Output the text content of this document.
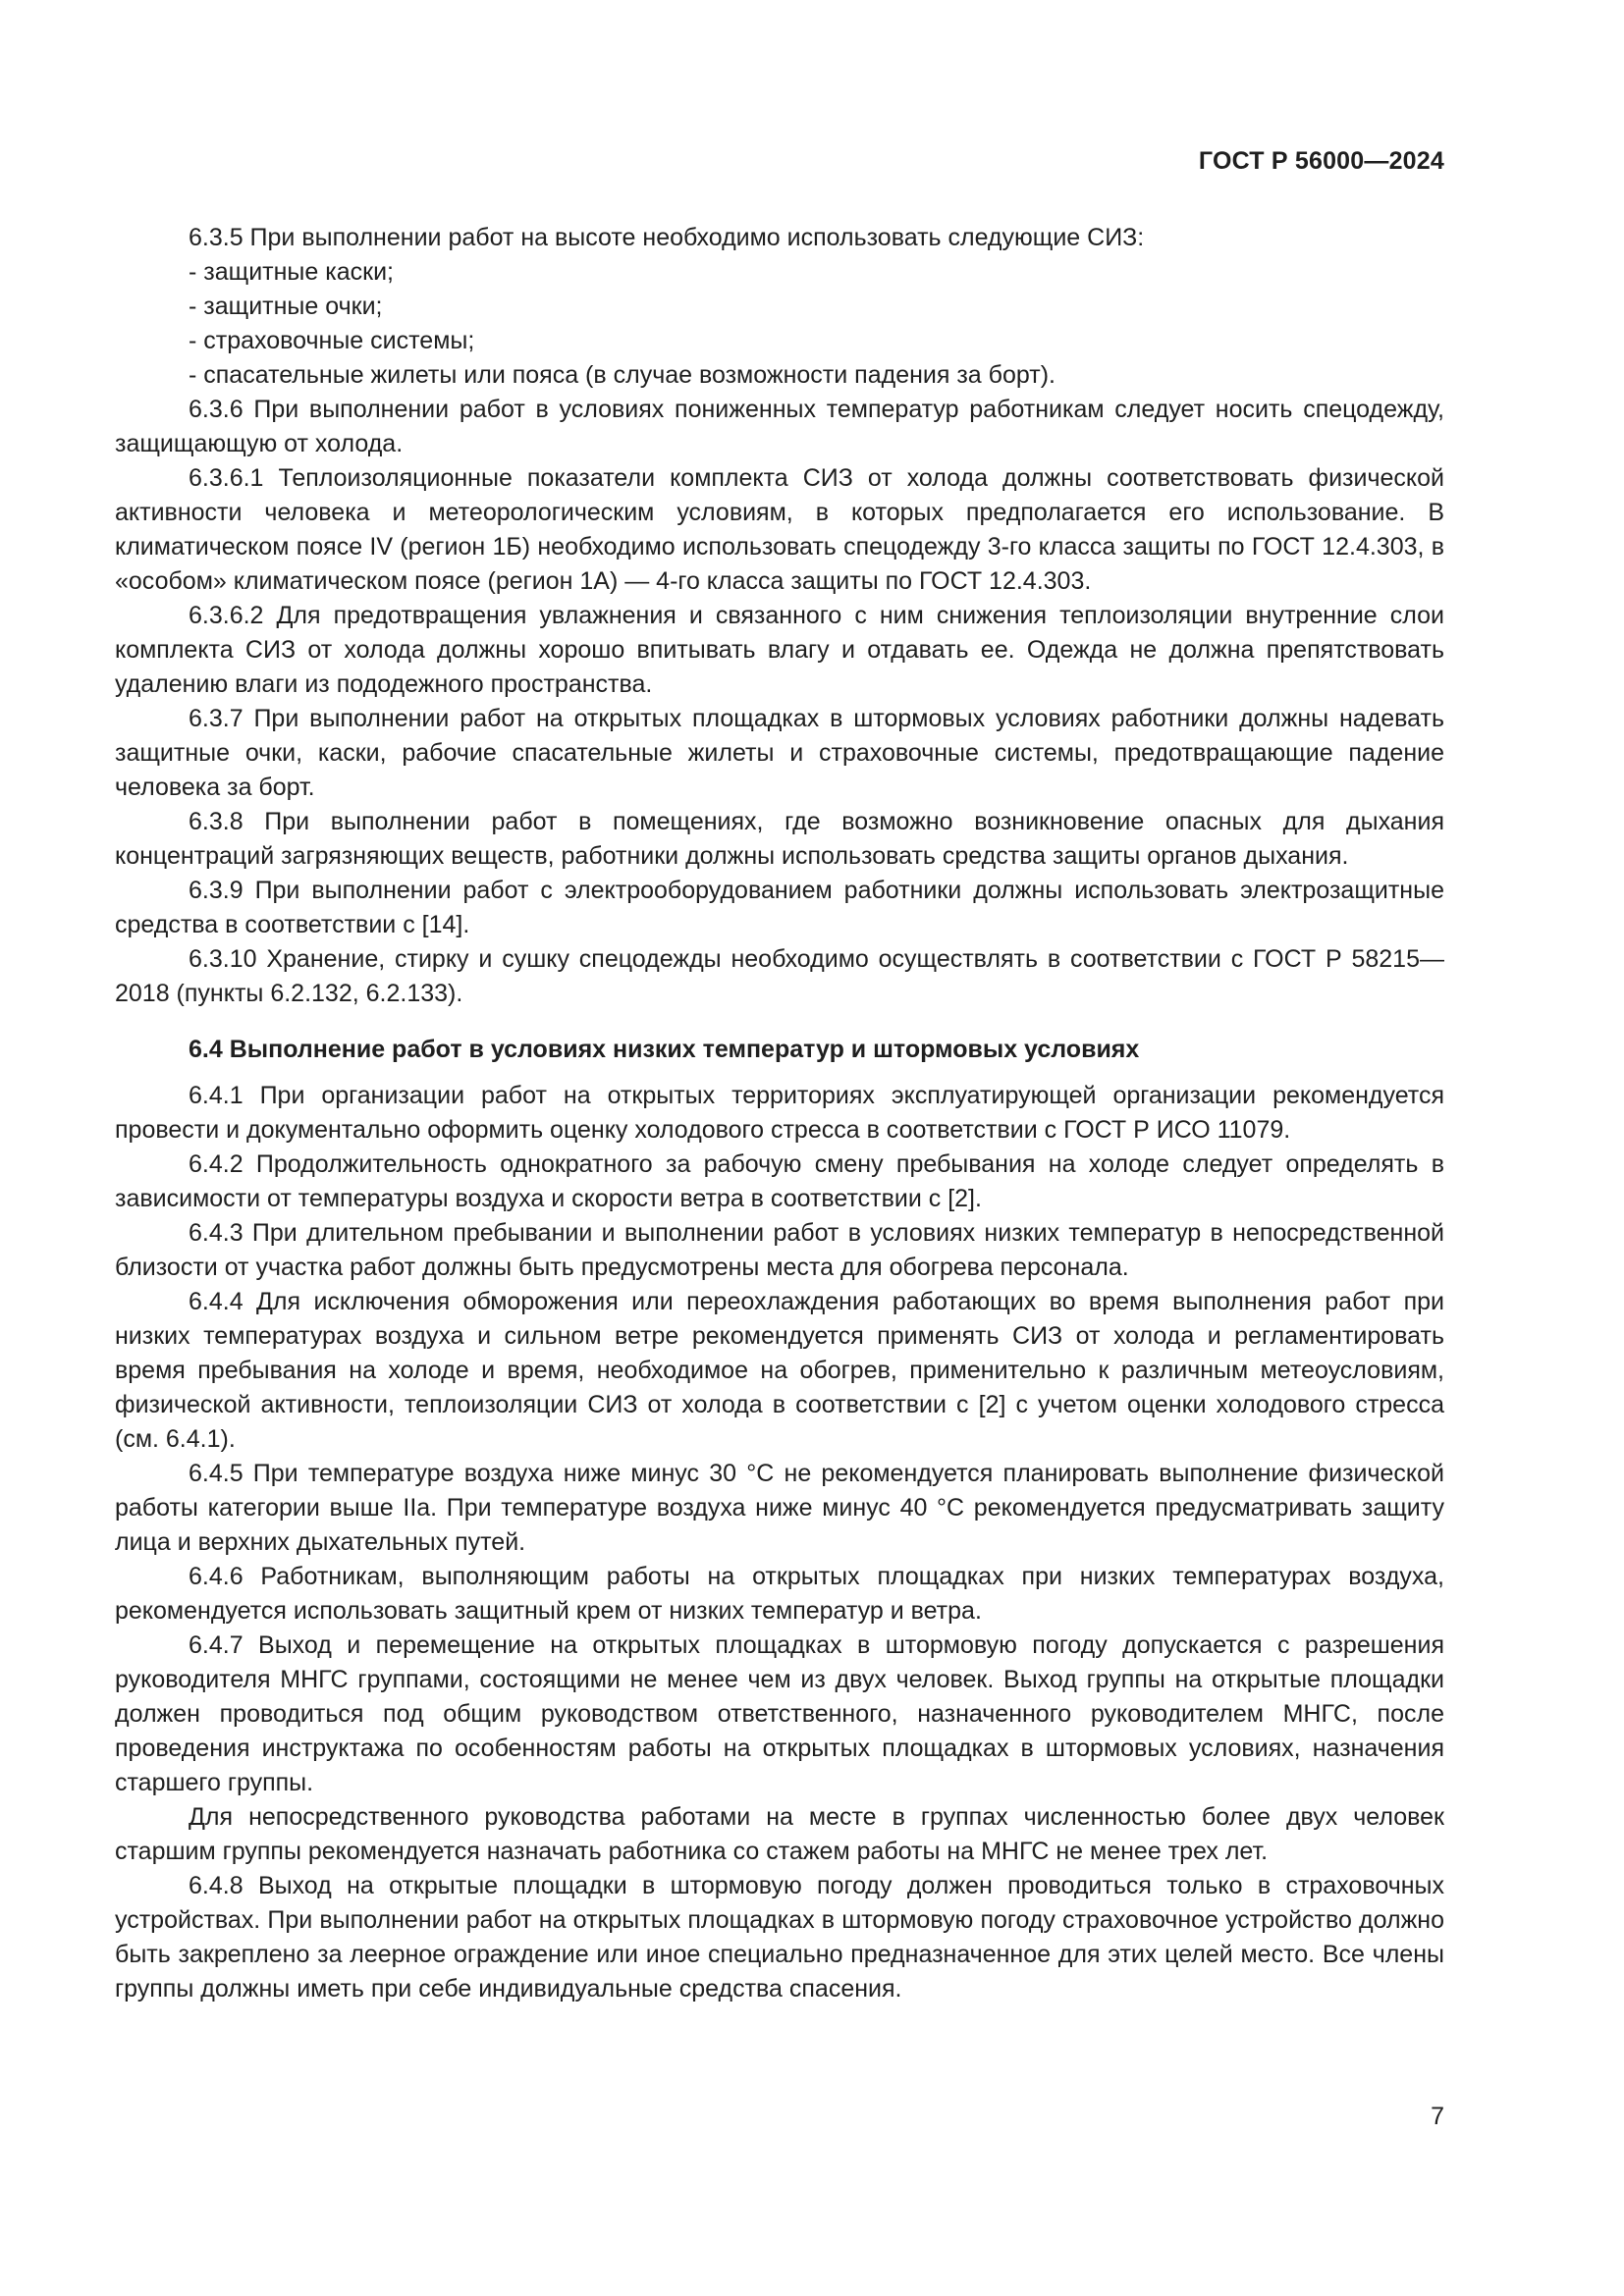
ГОСТ Р 56000—2024

6.3.5 При выполнении работ на высоте необходимо использовать следующие СИЗ:

- защитные каски;

- защитные очки;

- страховочные системы;

- спасательные жилеты или пояса (в случае возможности падения за борт).

6.3.6 При выполнении работ в условиях пониженных температур работникам следует носить спецодежду, защищающую от холода.

6.3.6.1 Теплоизоляционные показатели комплекта СИЗ от холода должны соответствовать физической активности человека и метеорологическим условиям, в которых предполагается его использование. В климатическом поясе IV (регион 1Б) необходимо использовать спецодежду 3-го класса защиты по ГОСТ 12.4.303, в «особом» климатическом поясе (регион 1А) — 4-го класса защиты по ГОСТ 12.4.303.

6.3.6.2 Для предотвращения увлажнения и связанного с ним снижения теплоизоляции внутренние слои комплекта СИЗ от холода должны хорошо впитывать влагу и отдавать ее. Одежда не должна препятствовать удалению влаги из пододежного пространства.

6.3.7 При выполнении работ на открытых площадках в штормовых условиях работники должны надевать защитные очки, каски, рабочие спасательные жилеты и страховочные системы, предотвращающие падение человека за борт.

6.3.8 При выполнении работ в помещениях, где возможно возникновение опасных для дыхания концентраций загрязняющих веществ, работники должны использовать средства защиты органов дыхания.

6.3.9 При выполнении работ с электрооборудованием работники должны использовать электрозащитные средства в соответствии с [14].

6.3.10 Хранение, стирку и сушку спецодежды необходимо осуществлять в соответствии с ГОСТ Р 58215—2018 (пункты 6.2.132, 6.2.133).

6.4 Выполнение работ в условиях низких температур и штормовых условиях

6.4.1 При организации работ на открытых территориях эксплуатирующей организации рекомендуется провести и документально оформить оценку холодового стресса в соответствии с ГОСТ Р ИСО 11079.

6.4.2 Продолжительность однократного за рабочую смену пребывания на холоде следует определять в зависимости от температуры воздуха и скорости ветра в соответствии с [2].

6.4.3 При длительном пребывании и выполнении работ в условиях низких температур в непосредственной близости от участка работ должны быть предусмотрены места для обогрева персонала.

6.4.4 Для исключения обморожения или переохлаждения работающих во время выполнения работ при низких температурах воздуха и сильном ветре рекомендуется применять СИЗ от холода и регламентировать время пребывания на холоде и время, необходимое на обогрев, применительно к различным метеоусловиям, физической активности, теплоизоляции СИЗ от холода в соответствии с [2] с учетом оценки холодового стресса (см. 6.4.1).

6.4.5 При температуре воздуха ниже минус 30 °С не рекомендуется планировать выполнение физической работы категории выше IIa. При температуре воздуха ниже минус 40 °С рекомендуется предусматривать защиту лица и верхних дыхательных путей.

6.4.6 Работникам, выполняющим работы на открытых площадках при низких температурах воздуха, рекомендуется использовать защитный крем от низких температур и ветра.

6.4.7 Выход и перемещение на открытых площадках в штормовую погоду допускается с разрешения руководителя МНГС группами, состоящими не менее чем из двух человек. Выход группы на открытые площадки должен проводиться под общим руководством ответственного, назначенного руководителем МНГС, после проведения инструктажа по особенностям работы на открытых площадках в штормовых условиях, назначения старшего группы.

Для непосредственного руководства работами на месте в группах численностью более двух человек старшим группы рекомендуется назначать работника со стажем работы на МНГС не менее трех лет.

6.4.8 Выход на открытые площадки в штормовую погоду должен проводиться только в страховочных устройствах. При выполнении работ на открытых площадках в штормовую погоду страховочное устройство должно быть закреплено за леерное ограждение или иное специально предназначенное для этих целей место. Все члены группы должны иметь при себе индивидуальные средства спасения.

7
